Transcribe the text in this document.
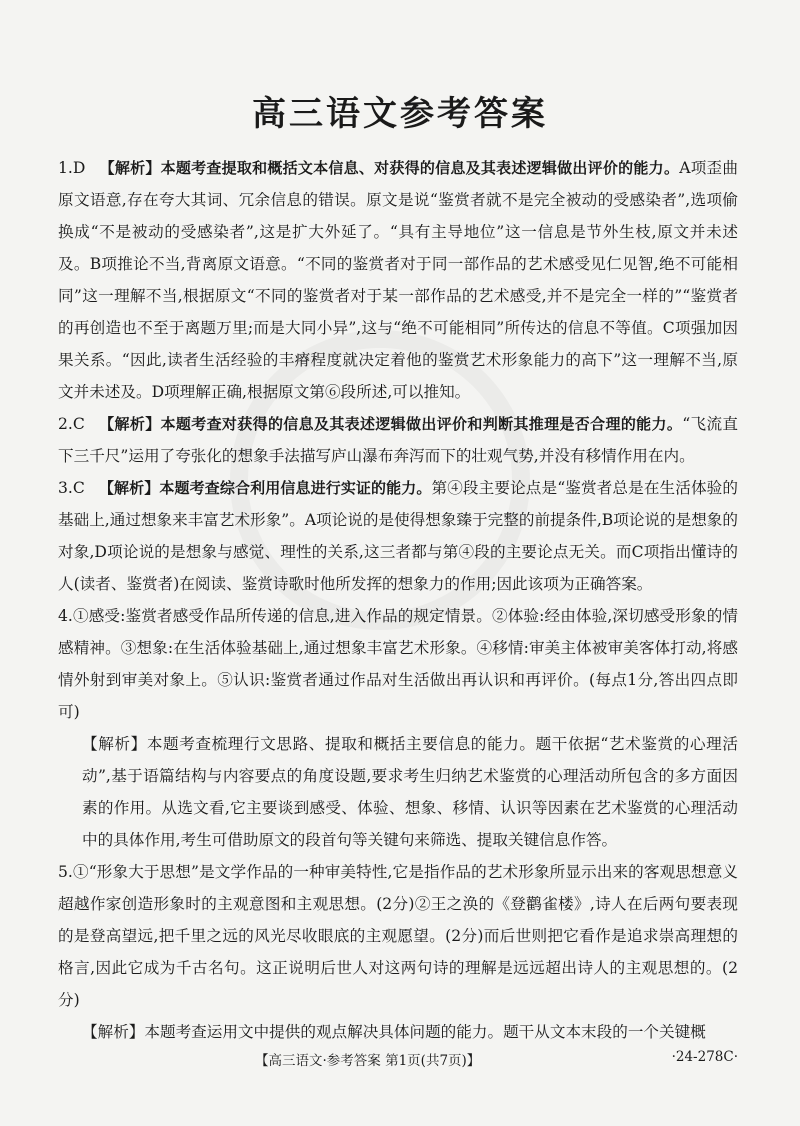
高三语文参考答案

1.D 【解析】本题考查提取和概括文本信息、对获得的信息及其表述逻辑做出评价的能力。A项歪曲原文语意,存在夸大其词、冗余信息的错误。原文是说“鉴赏者就不是完全被动的受感染者”,选项偷换成“不是被动的受感染者”,这是扩大外延了。“具有主导地位”这一信息是节外生枝,原文并未述及。B项推论不当,背离原文语意。“不同的鉴赏者对于同一部作品的艺术感受见仁见智,绝不可能相同”这一理解不当,根据原文“不同的鉴赏者对于某一部作品的艺术感受,并不是完全一样的”“鉴赏者的再创造也不至于离题万里;而是大同小异”,这与“绝不可能相同”所传达的信息不等值。C项强加因果关系。“因此,读者生活经验的丰瘠程度就决定着他的鉴赏艺术形象能力的高下”这一理解不当,原文并未述及。D项理解正确,根据原文第⑥段所述,可以推知。

2.C 【解析】本题考查对获得的信息及其表述逻辑做出评价和判断其推理是否合理的能力。“飞流直下三千尺”运用了夸张化的想象手法描写庐山瀑布奔泻而下的壮观气势,并没有移情作用在内。

3.C 【解析】本题考查综合利用信息进行实证的能力。第④段主要论点是“鉴赏者总是在生活体验的基础上,通过想象来丰富艺术形象”。A项论说的是使得想象臻于完整的前提条件,B项论说的是想象的对象,D项论说的是想象与感觉、理性的关系,这三者都与第④段的主要论点无关。而C项指出懂诗的人(读者、鉴赏者)在阅读、鉴赏诗歌时他所发挥的想象力的作用;因此该项为正确答案。

4.①感受:鉴赏者感受作品所传递的信息,进入作品的规定情景。②体验:经由体验,深切感受形象的情感精神。③想象:在生活体验基础上,通过想象丰富艺术形象。④移情:审美主体被审美客体打动,将感情外射到审美对象上。⑤认识:鉴赏者通过作品对生活做出再认识和再评价。(每点1分,答出四点即可)

【解析】本题考查梳理行文思路、提取和概括主要信息的能力。题干依据“艺术鉴赏的心理活动”,基于语篇结构与内容要点的角度设题,要求考生归纳艺术鉴赏的心理活动所包含的多方面因素的作用。从选文看,它主要谈到感受、体验、想象、移情、认识等因素在艺术鉴赏的心理活动中的具体作用,考生可借助原文的段首句等关键句来筛选、提取关键信息作答。

5.①“形象大于思想”是文学作品的一种审美特性,它是指作品的艺术形象所显示出来的客观思想意义超越作家创造形象时的主观意图和主观思想。(2分)②王之涣的《登鹳雀楼》,诗人在后两句要表现的是登高望远,把千里之远的风光尽收眼底的主观愿望。(2分)而后世则把它看作是追求崇高理想的格言,因此它成为千古名句。这正说明后世人对这两句诗的理解是远远超出诗人的主观思想的。(2分)

【解析】本题考查运用文中提供的观点解决具体问题的能力。题干从文本末段的一个关键概

【高三语文·参考答案 第1页(共7页)】	·24-278C·
